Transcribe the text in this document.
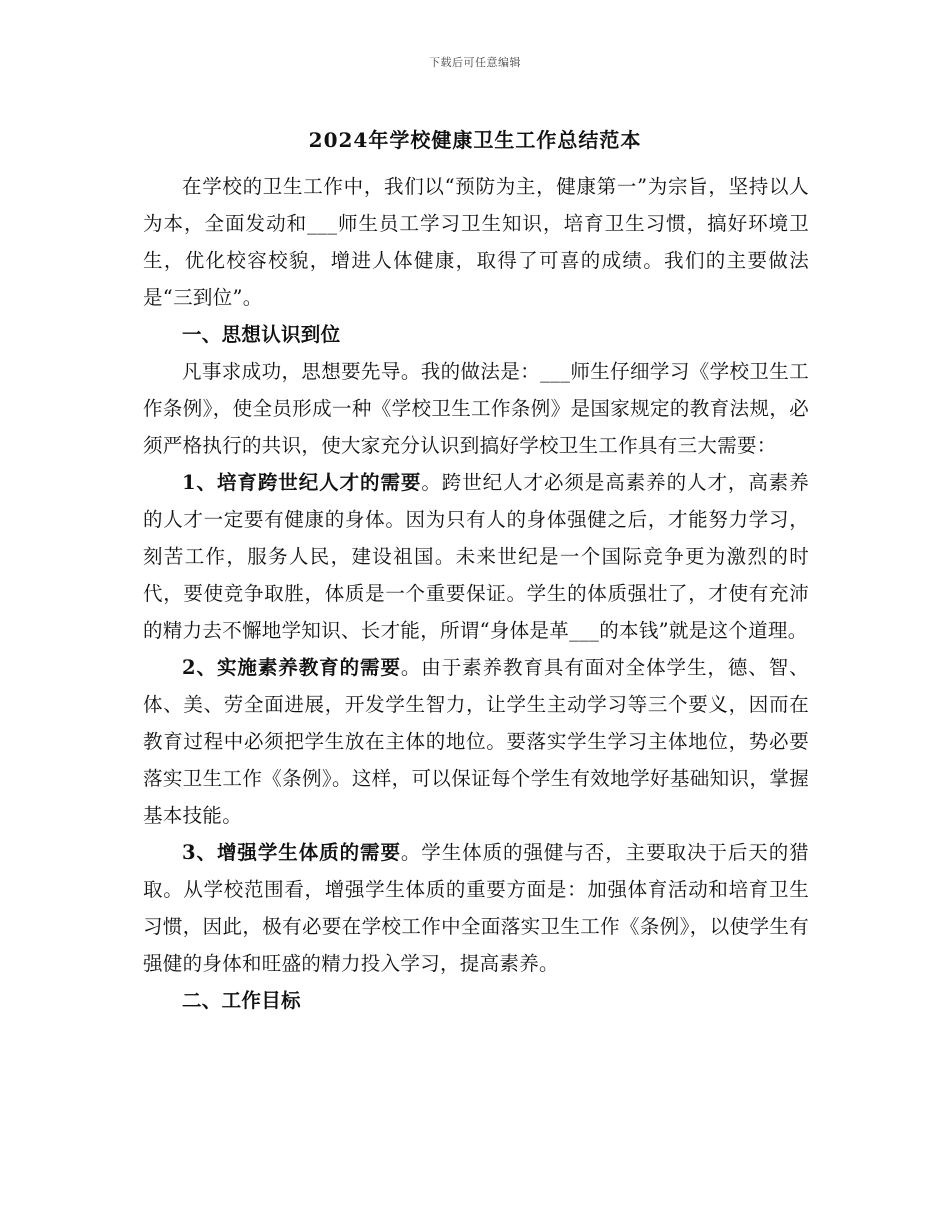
下载后可任意编辑
2024年学校健康卫生工作总结范本

在学校的卫生工作中，我们以“预防为主，健康第一”为宗旨，坚持以人为本，全面发动和___师生员工学习卫生知识，培育卫生习惯，搞好环境卫生，优化校容校貌，增进人体健康，取得了可喜的成绩。我们的主要做法是“三到位”。

一、思想认识到位

凡事求成功，思想要先导。我的做法是：___师生仔细学习《学校卫生工作条例》，使全员形成一种《学校卫生工作条例》是国家规定的教育法规，必须严格执行的共识，使大家充分认识到搞好学校卫生工作具有三大需要：

1、培育跨世纪人才的需要。跨世纪人才必须是高素养的人才，高素养的人才一定要有健康的身体。因为只有人的身体强健之后，才能努力学习，刻苦工作，服务人民，建设祖国。未来世纪是一个国际竞争更为激烈的时代，要使竞争取胜，体质是一个重要保证。学生的体质强壮了，才使有充沛的精力去不懈地学知识、长才能，所谓“身体是革___的本钱”就是这个道理。

2、实施素养教育的需要。由于素养教育具有面对全体学生，德、智、体、美、劳全面进展，开发学生智力，让学生主动学习等三个要义，因而在教育过程中必须把学生放在主体的地位。要落实学生学习主体地位，势必要落实卫生工作《条例》。这样，可以保证每个学生有效地学好基础知识，掌握基本技能。

3、增强学生体质的需要。学生体质的强健与否，主要取决于后天的猎取。从学校范围看，增强学生体质的重要方面是：加强体育活动和培育卫生习惯，因此，极有必要在学校工作中全面落实卫生工作《条例》，以使学生有强健的身体和旺盛的精力投入学习，提高素养。

二、工作目标
